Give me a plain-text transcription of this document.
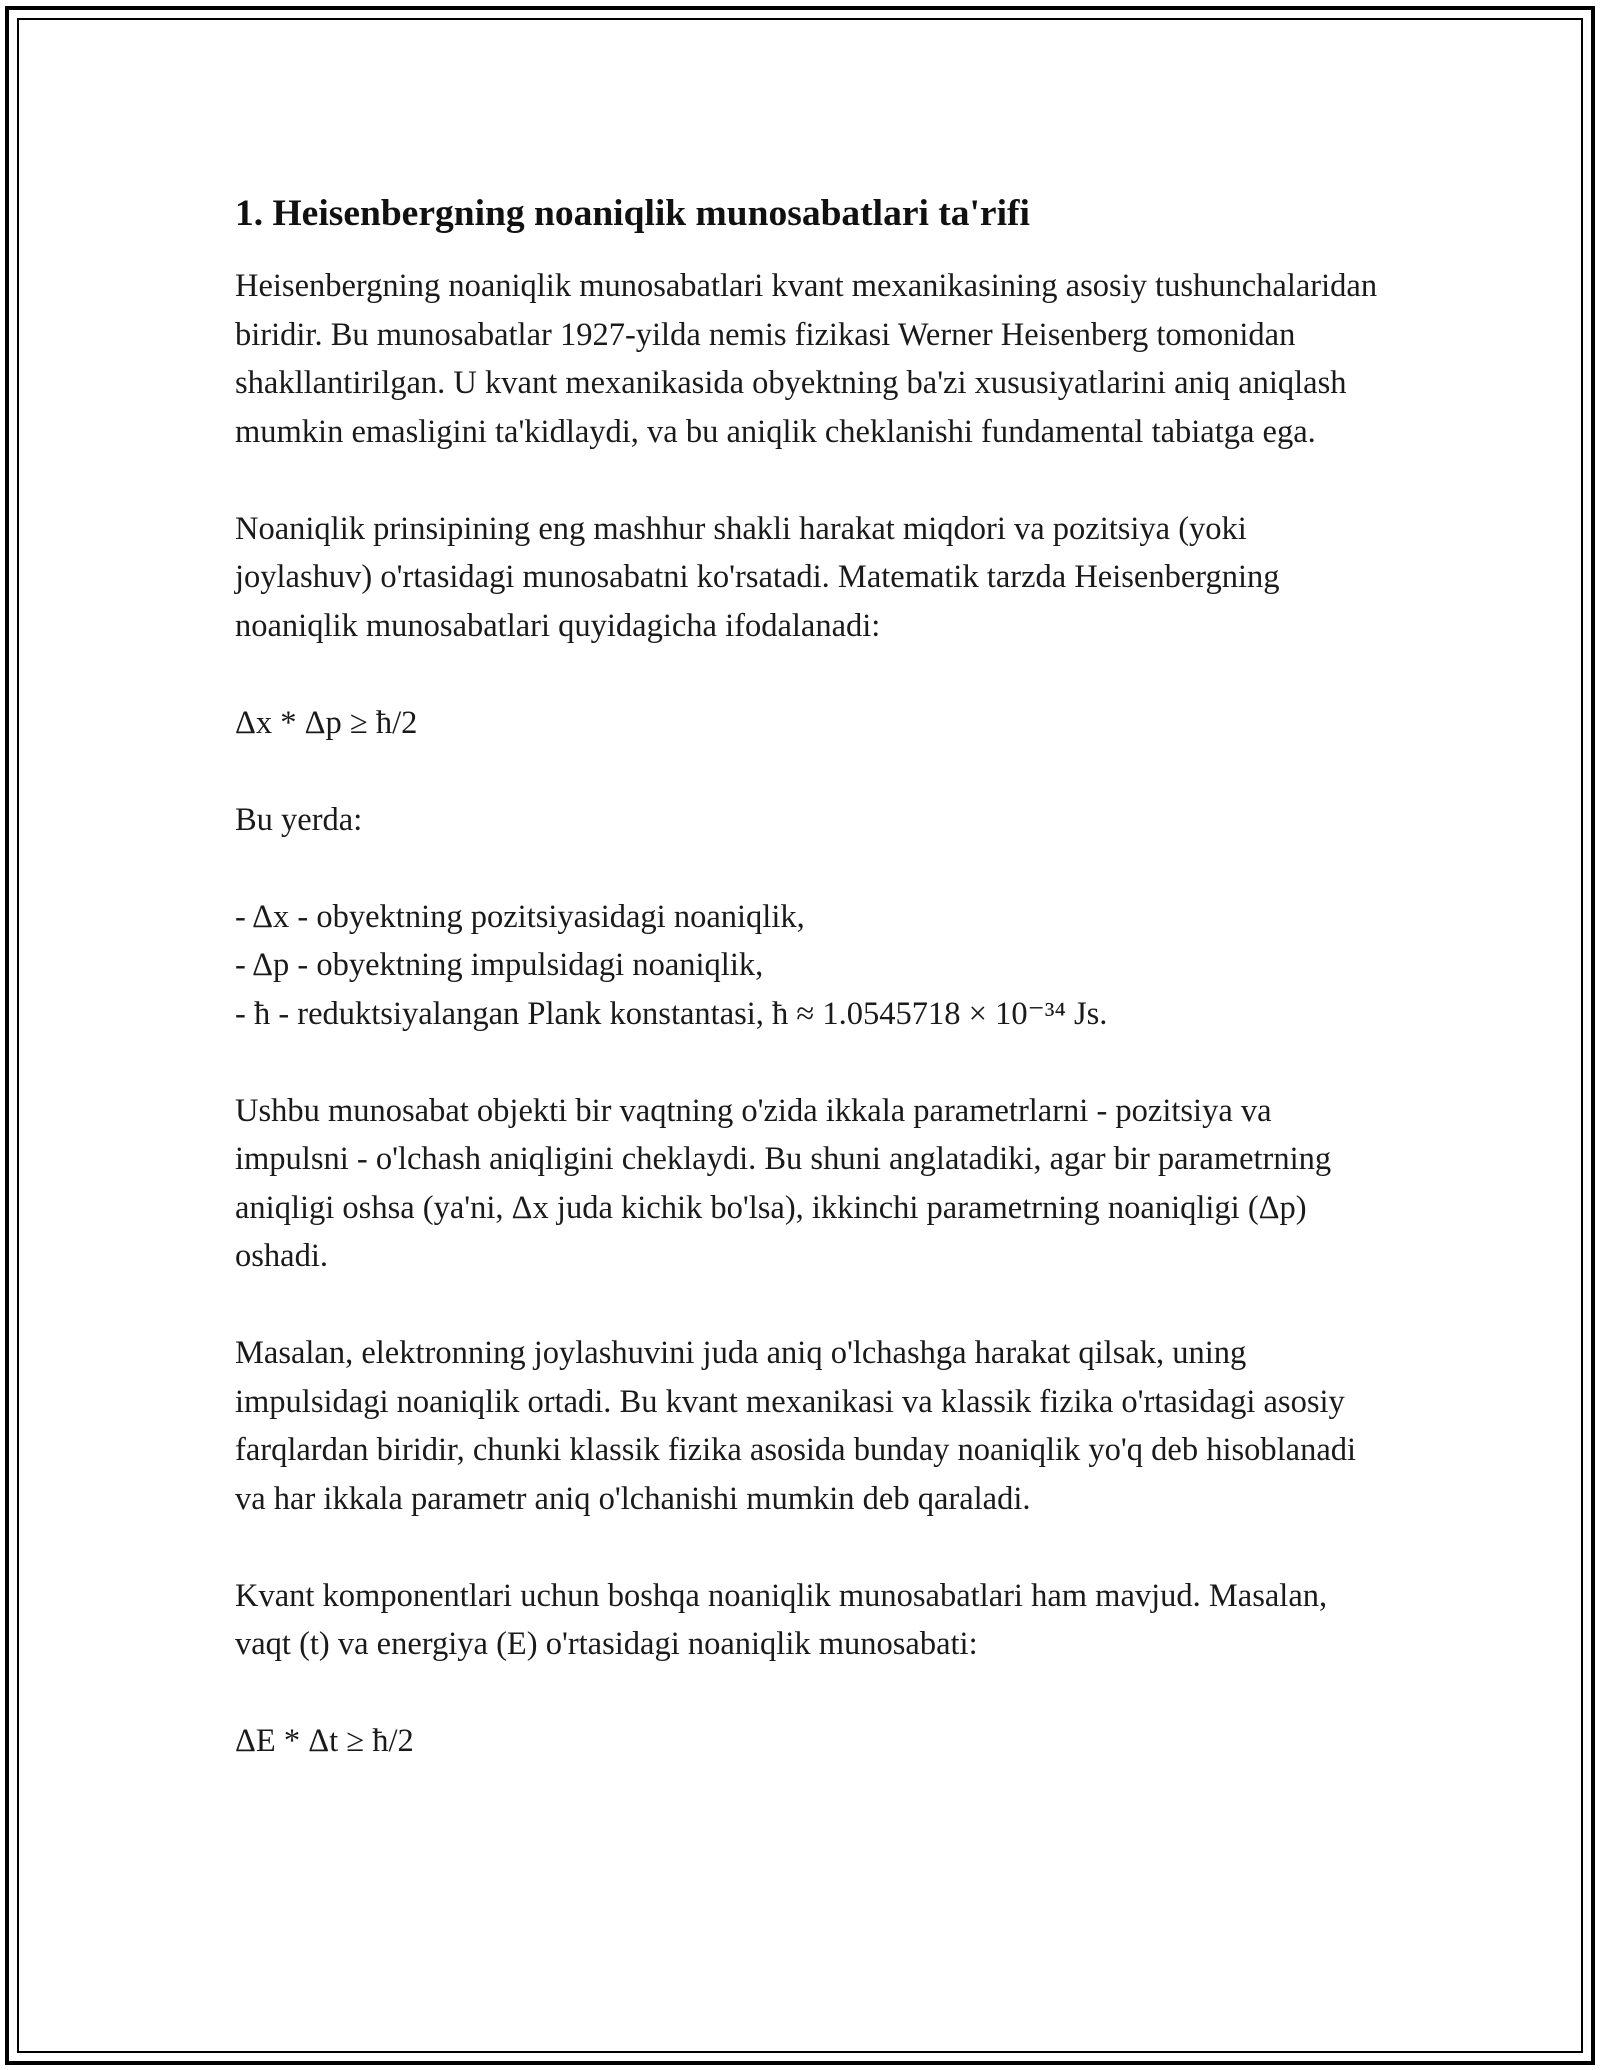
1. Heisenbergning noaniqlik munosabatlari ta'rifi

Heisenbergning noaniqlik munosabatlari kvant mexanikasining asosiy tushunchalaridan biridir. Bu munosabatlar 1927-yilda nemis fizikasi Werner Heisenberg tomonidan shakllantirilgan. U kvant mexanikasida obyektning ba'zi xususiyatlarini aniq aniqlash mumkin emasligini ta'kidlaydi, va bu aniqlik cheklanishi fundamental tabiatga ega.

Noaniqlik prinsipining eng mashhur shakli harakat miqdori va pozitsiya (yoki joylashuv) o'rtasidagi munosabatni ko'rsatadi. Matematik tarzda Heisenbergning noaniqlik munosabatlari quyidagicha ifodalanadi:

Δx * Δp ≥ ħ/2

Bu yerda:

- Δx - obyektning pozitsiyasidagi noaniqlik,
- Δp - obyektning impulsidagi noaniqlik,
- ħ - reduktsiyalangan Plank konstantasi, ħ ≈ 1.0545718 × 10⁻³⁴ Js.

Ushbu munosabat objekti bir vaqtning o'zida ikkala parametrlarni - pozitsiya va impulsni - o'lchash aniqligini cheklaydi. Bu shuni anglatadiki, agar bir parametrning aniqligi oshsa (ya'ni, Δx juda kichik bo'lsa), ikkinchi parametrning noaniqligi (Δp) oshadi.

Masalan, elektronning joylashuvini juda aniq o'lchashga harakat qilsak, uning impulsidagi noaniqlik ortadi. Bu kvant mexanikasi va klassik fizika o'rtasidagi asosiy farqlardan biridir, chunki klassik fizika asosida bunday noaniqlik yo'q deb hisoblanadi va har ikkala parametr aniq o'lchanishi mumkin deb qaraladi.

Kvant komponentlari uchun boshqa noaniqlik munosabatlari ham mavjud. Masalan, vaqt (t) va energiya (E) o'rtasidagi noaniqlik munosabati:

ΔE * Δt ≥ ħ/2
